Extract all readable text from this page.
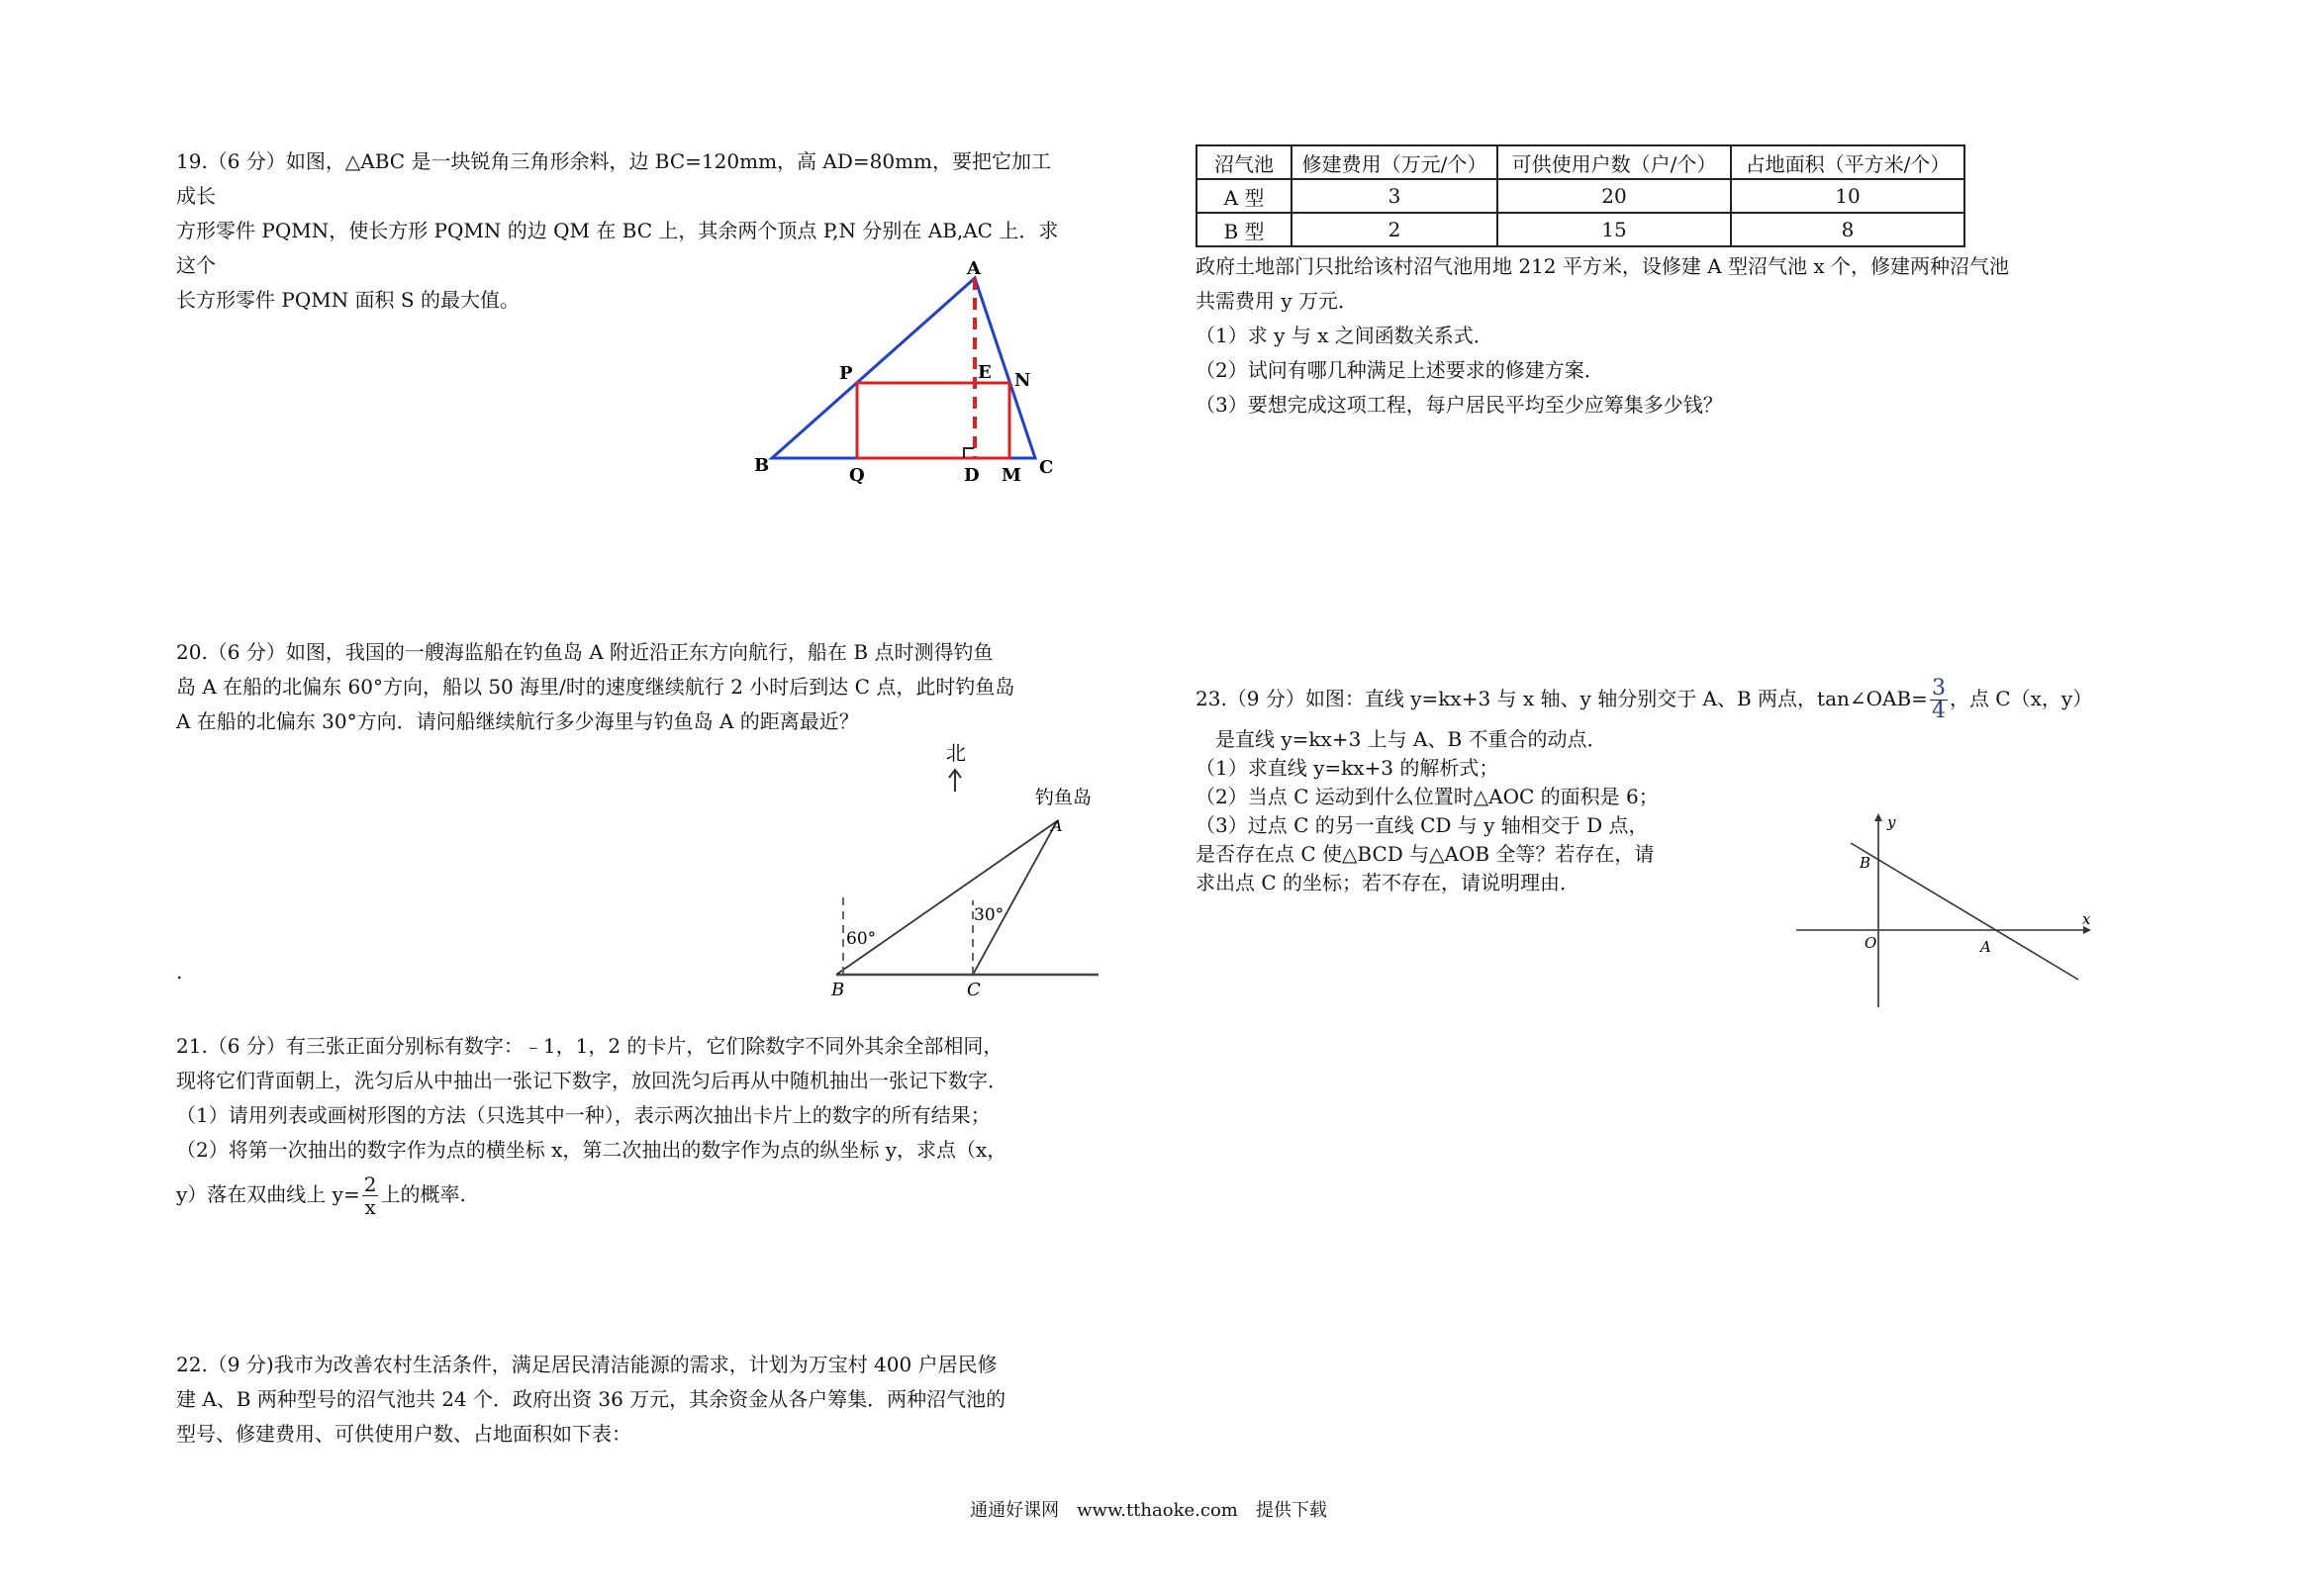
19.（6 分）如图，△ABC 是一块锐角三角形余料，边 BC=120mm，高 AD=80mm，要把它加工成长

方形零件 PQMN，使长方形 PQMN 的边 QM 在 BC 上，其余两个顶点 P,N 分别在 AB,AC 上．求这个

长方形零件 PQMN 面积 S 的最大值。

A
B	C
D
E
P	N
Q	M

20.（6 分）如图，我国的一艘海监船在钓鱼岛 A 附近沿正东方向航行，船在 B 点时测得钓鱼

岛 A 在船的北偏东 60°方向，船以 50 海里/时的速度继续航行 2 小时后到达 C 点，此时钓鱼岛

A 在船的北偏东 30°方向．请问船继续航行多少海里与钓鱼岛 A 的距离最近？

北
钓鱼岛
A
B	C
60°
30°
.

21.（6 分）有三张正面分别标有数字：﹣1，1，2 的卡片，它们除数字不同外其余全部相同，

现将它们背面朝上，洗匀后从中抽出一张记下数字，放回洗匀后再从中随机抽出一张记下数字．

（1）请用列表或画树形图的方法（只选其中一种），表示两次抽出卡片上的数字的所有结果；

（2）将第一次抽出的数字作为点的横坐标 x，第二次抽出的数字作为点的纵坐标 y，求点（x，

y）落在双曲线上 $y= \frac{2}{x}$ 上的概率.

22.（9 分)我市为改善农村生活条件，满足居民清洁能源的需求，计划为万宝村 400 户居民修

建 A、B 两种型号的沼气池共 24 个．政府出资 36 万元，其余资金从各户筹集．两种沼气池的

型号、修建费用、可供使用户数、占地面积如下表：

沼气池	修建费用（万元/个）	可供使用户数（户/个）	占地面积（平方米/个）
A 型	3	20	10
B 型	2	15	8

政府土地部门只批给该村沼气池用地 212 平方米，设修建 A 型沼气池 x 个，修建两种沼气池

共需费用 y 万元．

（1）求 y 与 x 之间函数关系式．

（2）试问有哪几种满足上述要求的修建方案．

（3）要想完成这项工程，每户居民平均至少应筹集多少钱？

23.（9 分）如图：直线 y=kx+3 与 x 轴、y 轴分别交于 A、B 两点，tan∠OAB= $\frac{3}{4}$ ，点 C（x，y）

　是直线 y=kx+3 上与 A、B 不重合的动点．

（1）求直线 y=kx+3 的解析式；

（2）当点 C 运动到什么位置时△AOC 的面积是 6；

（3）过点 C 的另一直线 CD 与 y 轴相交于 D 点，

是否存在点 C 使△BCD 与△AOB 全等？若存在，请

求出点 C 的坐标；若不存在，请说明理由．

x
y
O	A
B
通通好课网　www.tthaoke.com　提供下载
